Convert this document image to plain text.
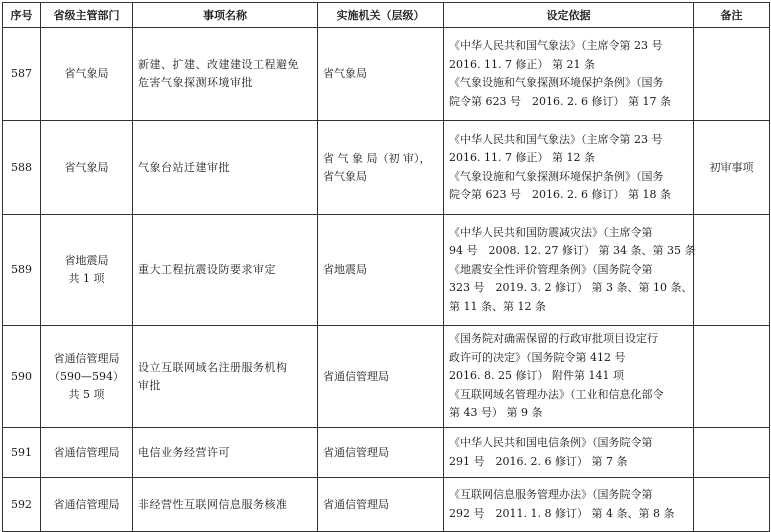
序号	省级主管部门	事项名称	实施机关（层级）	设定依据	备注
587	省气象局	新建、扩建、改建建设工程避免
危害气象探测环境审批	省气象局	《中华人民共和国气象法》（主席令第 23 号
2016. 11. 7 修正） 第 21 条
《气象设施和气象探测环境保护条例》（国务
院令第 623 号　2016. 2. 6 修订） 第 17 条	

588	省气象局	气象台站迁建审批	省 气 象 局（初 审），
省气象局	《中华人民共和国气象法》（主席令第 23 号
2016. 11. 7 修正） 第 12 条
《气象设施和气象探测环境保护条例》（国务
院令第 623 号　2016. 2. 6 修订） 第 18 条	初审事项
589	省地震局
共 1 项	重大工程抗震设防要求审定	省地震局	《中华人民共和国防震减灾法》（主席令第
94 号　2008. 12. 27 修订） 第 34 条、第 35 条
《地震安全性评价管理条例》（国务院令第
323 号　2019. 3. 2 修订） 第 3 条、第 10 条、
第 11 条、第 12 条	

590	省通信管理局
（590—594）
共 5 项	设立互联网域名注册服务机构
审批	省通信管理局	《国务院对确需保留的行政审批项目设定行
政许可的决定》（国务院令第 412 号
2016. 8. 25 修订） 附件第 141 项
《互联网域名管理办法》（工业和信息化部令
第 43 号） 第 9 条	

591	省通信管理局	电信业务经营许可	省通信管理局	《中华人民共和国电信条例》（国务院令第
291 号　2016. 2. 6 修订） 第 7 条	

592	省通信管理局	非经营性互联网信息服务核准	省通信管理局	《互联网信息服务管理办法》（国务院令第
292 号　2011. 1. 8 修订） 第 4 条、第 8 条	
